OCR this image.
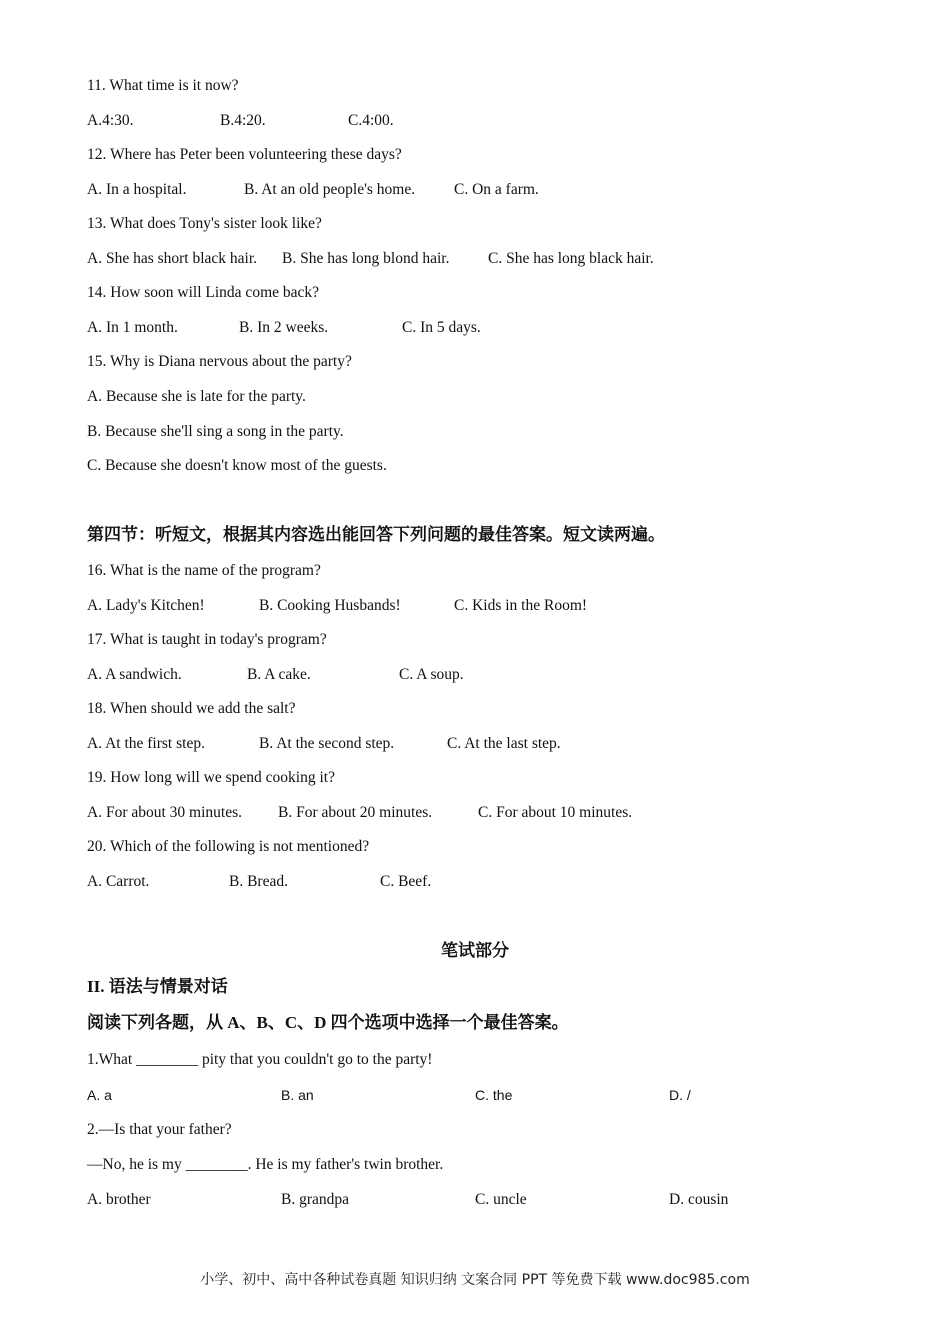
11. What time is it now?
A.4:30.	B.4:20.	C.4:00.
12. Where has Peter been volunteering these days?
A. In a hospital.	B. At an old people's home.	C. On a farm.
13. What does Tony's sister look like?
A. She has short black hair. B. She has long blond hair. C. She has long black hair.
14. How soon will Linda come back?
A. In 1 month.	B. In 2 weeks.	C. In 5 days.
15. Why is Diana nervous about the party?
A. Because she is late for the party.
B. Because she'll sing a song in the party.
C. Because she doesn't know most of the guests.
第四节：听短文，根据其内容选出能回答下列问题的最佳答案。短文读两遍。
16. What is the name of the program?
A. Lady's Kitchen!	B. Cooking Husbands!	C. Kids in the Room!
17. What is taught in today's program?
A. A sandwich.	B. A cake.	C. A soup.
18. When should we add the salt?
A. At the first step.	B. At the second step.	C. At the last step.
19. How long will we spend cooking it?
A. For about 30 minutes. B. For about 20 minutes.	C. For about 10 minutes.
20. Which of the following is not mentioned?
A. Carrot.	B. Bread.	C. Beef.
笔试部分
II. 语法与情景对话
阅读下列各题，从 A、B、C、D 四个选项中选择一个最佳答案。
1.What ________ pity that you couldn't go to the party!
A. a	B. an	C. the	D. /
2.—Is that your father?
—No, he is my ________. He is my father's twin brother.
A. brother	B. grandpa	C. uncle	D. cousin
小学、初中、高中各种试卷真题 知识归纳 文案合同 PPT 等免费下载 www.doc985.com
